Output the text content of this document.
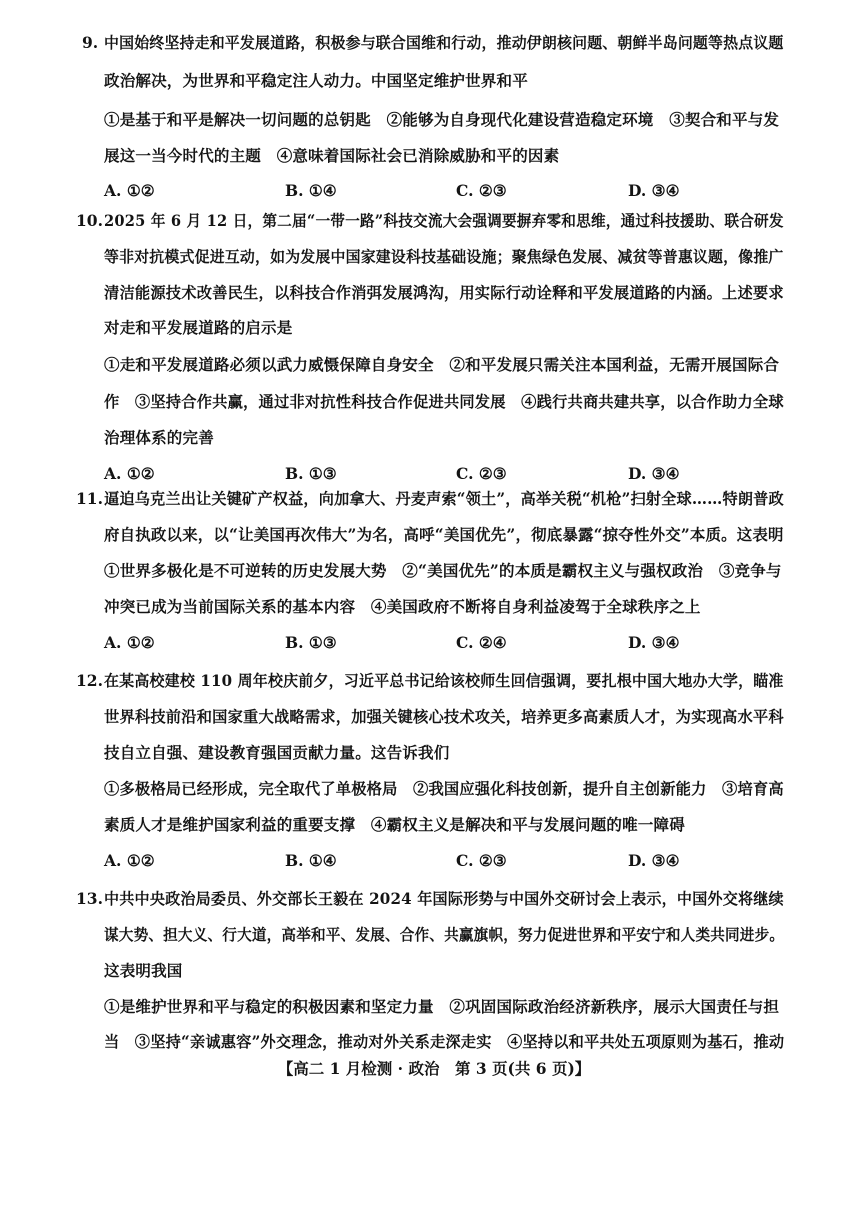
9. 中国始终坚持走和平发展道路，积极参与联合国维和行动，推动伊朗核问题、朝鲜半岛问题等热点议题
政治解决，为世界和平稳定注人动力。中国坚定维护世界和平
①是基于和平是解决一切问题的总钥匙　②能够为自身现代化建设营造稳定环境　③契合和平与发
展这一当今时代的主题　④意味着国际社会已消除威胁和平的因素
A. ①②	B. ①④	C. ②③	D. ③④
10. 2025 年 6 月 12 日，第二届“一带一路”科技交流大会强调要摒弃零和思维，通过科技援助、联合研发
等非对抗模式促进互动，如为发展中国家建设科技基础设施；聚焦绿色发展、减贫等普惠议题，像推广
清洁能源技术改善民生，以科技合作消弭发展鸿沟，用实际行动诠释和平发展道路的内涵。上述要求
对走和平发展道路的启示是
①走和平发展道路必须以武力威慑保障自身安全　②和平发展只需关注本国利益，无需开展国际合
作　③坚持合作共赢，通过非对抗性科技合作促进共同发展　④践行共商共建共享，以合作助力全球
治理体系的完善
A. ①②	B. ①③	C. ②③	D. ③④
11. 逼迫乌克兰出让关键矿产权益，向加拿大、丹麦声索“领土”，高举关税“机枪”扫射全球……特朗普政
府自执政以来，以“让美国再次伟大”为名，高呼“美国优先”，彻底暴露“掠夺性外交”本质。这表明
①世界多极化是不可逆转的历史发展大势　②“美国优先”的本质是霸权主义与强权政治　③竞争与
冲突已成为当前国际关系的基本内容　④美国政府不断将自身利益凌驾于全球秩序之上
A. ①②	B. ①③	C. ②④	D. ③④
12. 在某高校建校 110 周年校庆前夕，习近平总书记给该校师生回信强调，要扎根中国大地办大学，瞄准
世界科技前沿和国家重大战略需求，加强关键核心技术攻关，培养更多高素质人才，为实现高水平科
技自立自强、建设教育强国贡献力量。这告诉我们
①多极格局已经形成，完全取代了单极格局　②我国应强化科技创新，提升自主创新能力　③培育高
素质人才是维护国家利益的重要支撑　④霸权主义是解决和平与发展问题的唯一障碍
A. ①②	B. ①④	C. ②③	D. ③④
13. 中共中央政治局委员、外交部长王毅在 2024 年国际形势与中国外交研讨会上表示，中国外交将继续
谋大势、担大义、行大道，高举和平、发展、合作、共赢旗帜，努力促进世界和平安宁和人类共同进步。
这表明我国
①是维护世界和平与稳定的积极因素和坚定力量　②巩固国际政治经济新秩序，展示大国责任与担
当　③坚持“亲诚惠容”外交理念，推动对外关系走深走实　④坚持以和平共处五项原则为基石，推动
【高二 1 月检测 · 政治　第 3 页(共 6 页)】
